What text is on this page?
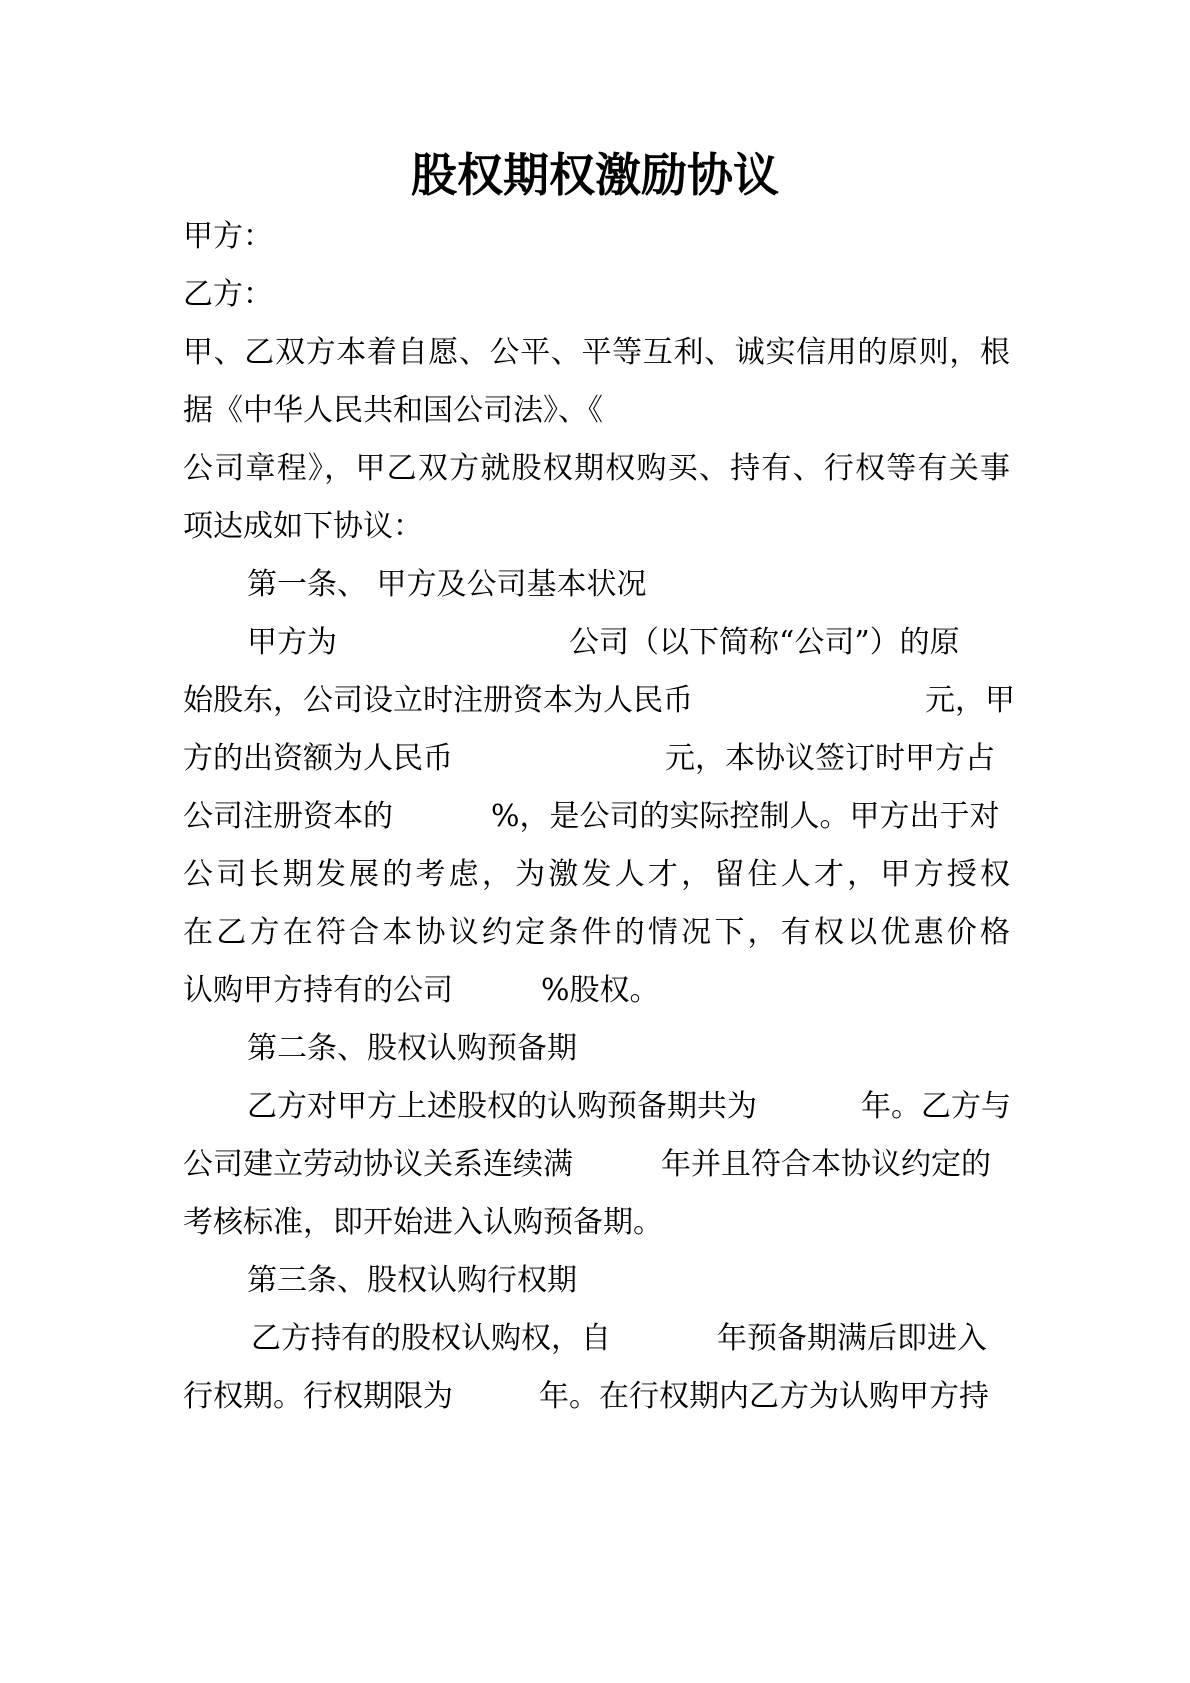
股权期权激励协议
甲方：
乙方：
甲、乙双方本着自愿、公平、平等互利、诚实信用的原则，根
据《中华人民共和国公司法》、《
公司章程》，甲乙双方就股权期权购买、持有、行权等有关事
项达成如下协议：
第一条、 甲方及公司基本状况
甲方为	公司（以下简称“公司”）的原
始股东，公司设立时注册资本为人民币	元，甲
方的出资额为人民币	元，本协议签订时甲方占
公司注册资本的	%，是公司的实际控制人。甲方出于对
公司长期发展的考虑，为激发人才，留住人才，甲方授权
在乙方在符合本协议约定条件的情况下，有权以优惠价格
认购甲方持有的公司	%股权。
第二条、股权认购预备期
乙方对甲方上述股权的认购预备期共为	年。乙方与
公司建立劳动协议关系连续满	年并且符合本协议约定的
考核标准，即开始进入认购预备期。
第三条、股权认购行权期
乙方持有的股权认购权，自	年预备期满后即进入
行权期。行权期限为	年。在行权期内乙方为认购甲方持
